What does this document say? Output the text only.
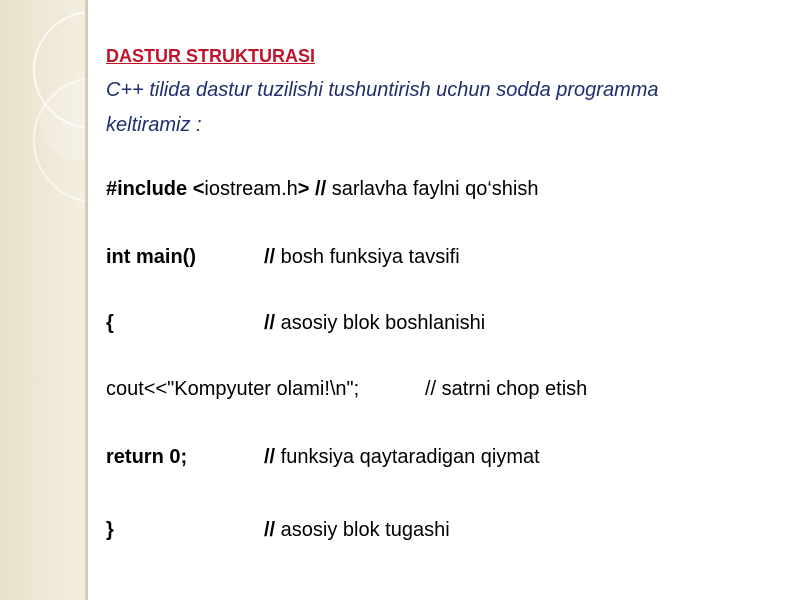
DASTUR STRUKTURASI
C++ tilida dastur tuzilishi tushuntirish uchun sodda programma
keltiramiz :
#include <iostream.h> // sarlavha faylni qo‘shish
int main()	// bosh funksiya tavsifi
{	// asosiy blok boshlanishi
cout<<"Kompyuter olami!\n";	// satrni chop etish
return 0;	// funksiya qaytaradigan qiymat
}	// asosiy blok tugashi
